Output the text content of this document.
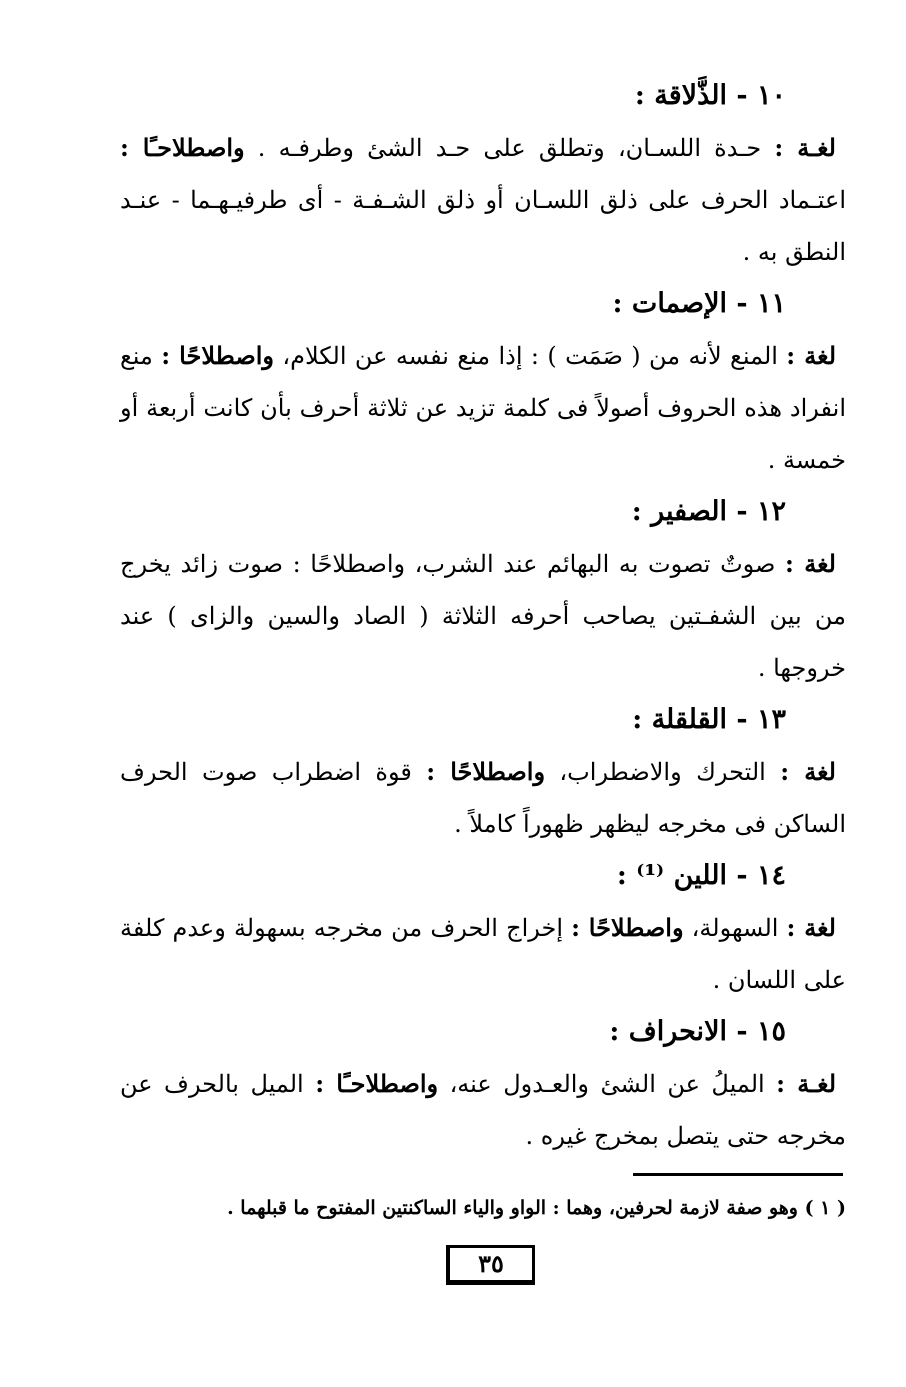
١٠ - الذَّلاقة :
لغـة : حـدة اللسـان، وتطلق على حـد الشئ وطرفـه . واصطلاحـًا : اعتـماد الحرف على ذلق اللسـان أو ذلق الشـفـة - أى طرفيـهـما - عنـد النطق به .
١١ - الإصمات :
لغة : المنع لأنه من ( صَمَت ) : إذا منع نفسه عن الكلام، واصطلاحًا : منع انفراد هذه الحروف أصولاً فى كلمة تزيد عن ثلاثة أحرف بأن كانت أربعة أو خمسة .
١٢ - الصفير :
لغة : صوتٌ تصوت به البهائم عند الشرب، واصطلاحًا : صوت زائد يخرج من بين الشفـتين يصاحب أحرفه الثلاثة ( الصاد والسين والزاى ) عند خروجها .
١٣ - القلقلة :
لغة : التحرك والاضطراب، واصطلاحًا : قوة اضطراب صوت الحرف الساكن فى مخرجه ليظهر ظهوراً كاملاً .
١٤ - اللين ⁽¹⁾ :
لغة : السهولة، واصطلاحًا : إخراج الحرف من مخرجه بسهولة وعدم كلفة على اللسان .
١٥ - الانحراف :
لغـة : الميلُ عن الشئ والعـدول عنه، واصطلاحـًا : الميل بالحرف عن مخرجه حتى يتصل بمخرج غيره .
( ١ ) وهو صفة لازمة لحرفين، وهما : الواو والياء الساكنتين المفتوح ما قبلهما .
٣٥
